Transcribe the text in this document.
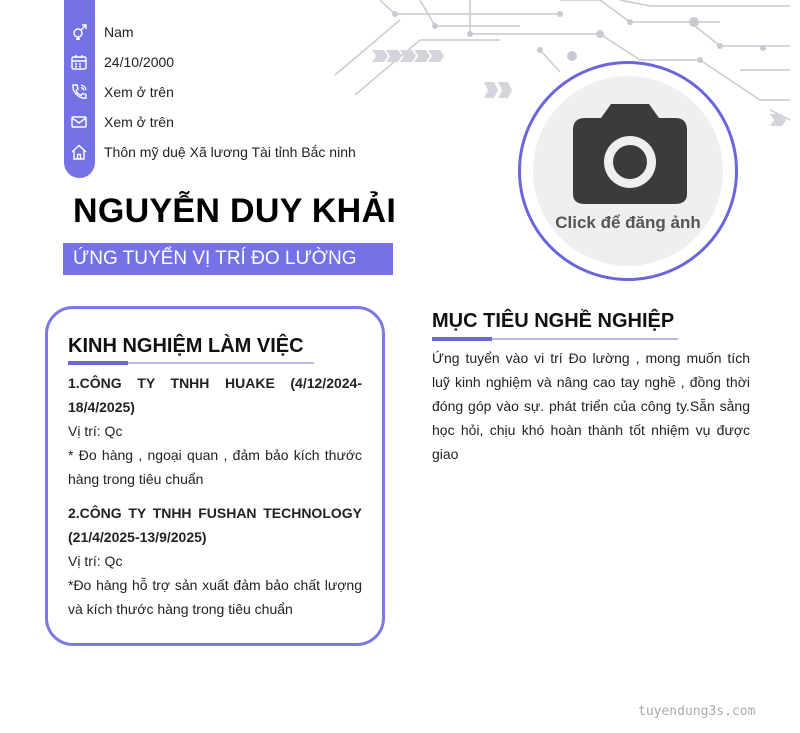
Nam
24/10/2000
Xem ở trên
Xem ở trên
Thôn mỹ duệ Xã lương Tài tỉnh Bắc ninh
NGUYỄN DUY KHẢI
ỨNG TUYỂN VỊ TRÍ ĐO LƯỜNG
Click để đăng ảnh
KINH NGHIỆM LÀM VIỆC
1.CÔNG TY TNHH HUAKE (4/12/2024-18/4/2025)
Vị trí: Qc
* Đo hàng , ngoại quan , đảm bảo kích thước hàng trong tiêu chuẩn
2.CÔNG TY TNHH FUSHAN TECHNOLOGY (21/4/2025-13/9/2025)
Vị trí: Qc
*Đo hàng hỗ trợ sản xuất đảm bảo chất lượng và kích thước hàng trong tiêu chuẩn
MỤC TIÊU NGHỀ NGHIỆP
Ứng tuyển vào vi trí Đo lường , mong muốn tích luỹ kinh nghiệm và nâng cao tay nghề , đồng thời đóng góp vào sự. phát triển của công ty.Sẵn sằng học hỏi, chịu khó hoàn thành tốt nhiệm vụ được giao
tuyendung3s.com
